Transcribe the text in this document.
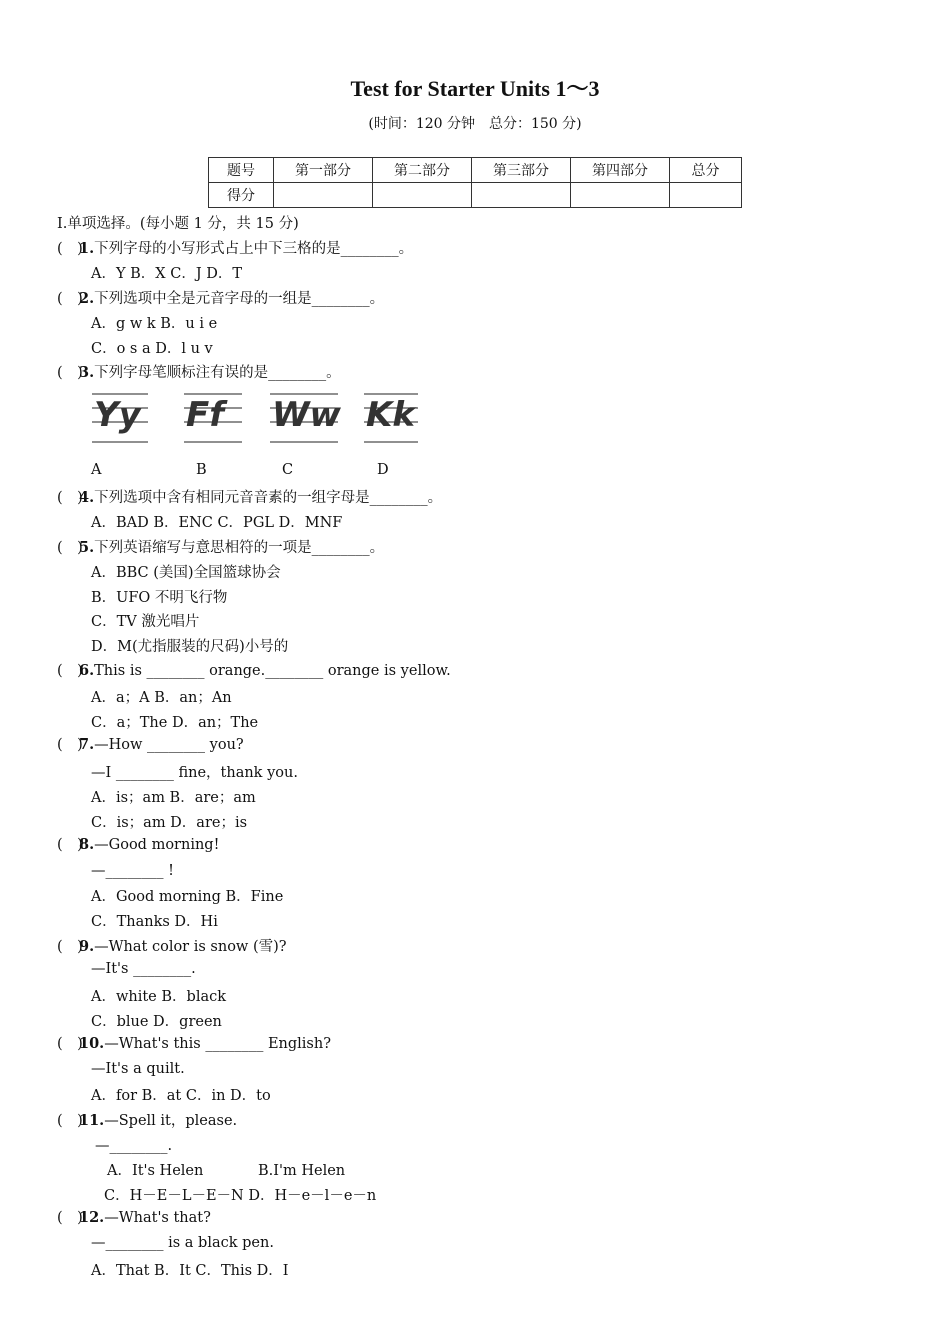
Test for Starter Units 1～3
(时间：120 分钟　总分：150 分)
题号	第一部分	第二部分	第三部分	第四部分	总分
得分					
Ⅰ.单项选择。(每小题 1 分，共 15 分)
(　)1.下列字母的小写形式占上中下三格的是________。
A．Y B．X C．J D．T
(　)2.下列选项中全是元音字母的一组是________。
A．g w k B．u i e
C．o s a D．l u v
(　)3.下列字母笔顺标注有误的是________。
Yy Ff Ww Kk
A	B	C	D
(　)4.下列选项中含有相同元音音素的一组字母是________。
A．BAD B．ENC C．PGL D．MNF
(　)5.下列英语缩写与意思相符的一项是________。
A．BBC (美国)全国篮球协会
B．UFO 不明飞行物
C．TV 激光唱片
D．M(尤指服装的尺码)小号的
(　)6.This is ________ orange.________ orange is yellow.
A．a；A B．an；An
C．a；The D．an；The
(　)7.—How ________ you?
—I ________ fine，thank you.
A．is；am B．are；am
C．is；am D．are；is
(　)8.—Good morning!
—________ !
A．Good morning B．Fine
C．Thanks D．Hi
(　)9.—What color is snow (雪)?
—It's ________.
A．white B．black
C．blue D．green
(　)10.—What's this ________ English?
—It's a quilt.
A．for B．at C．in D．to
(　)11.—Spell it，please.
—________.
A．It's Helen	B.I'm Helen
C．H－E－L－E－N D．H－e－l－e－n
(　)12.—What's that?
—________ is a black pen.
A．That B．It C．This D．I
